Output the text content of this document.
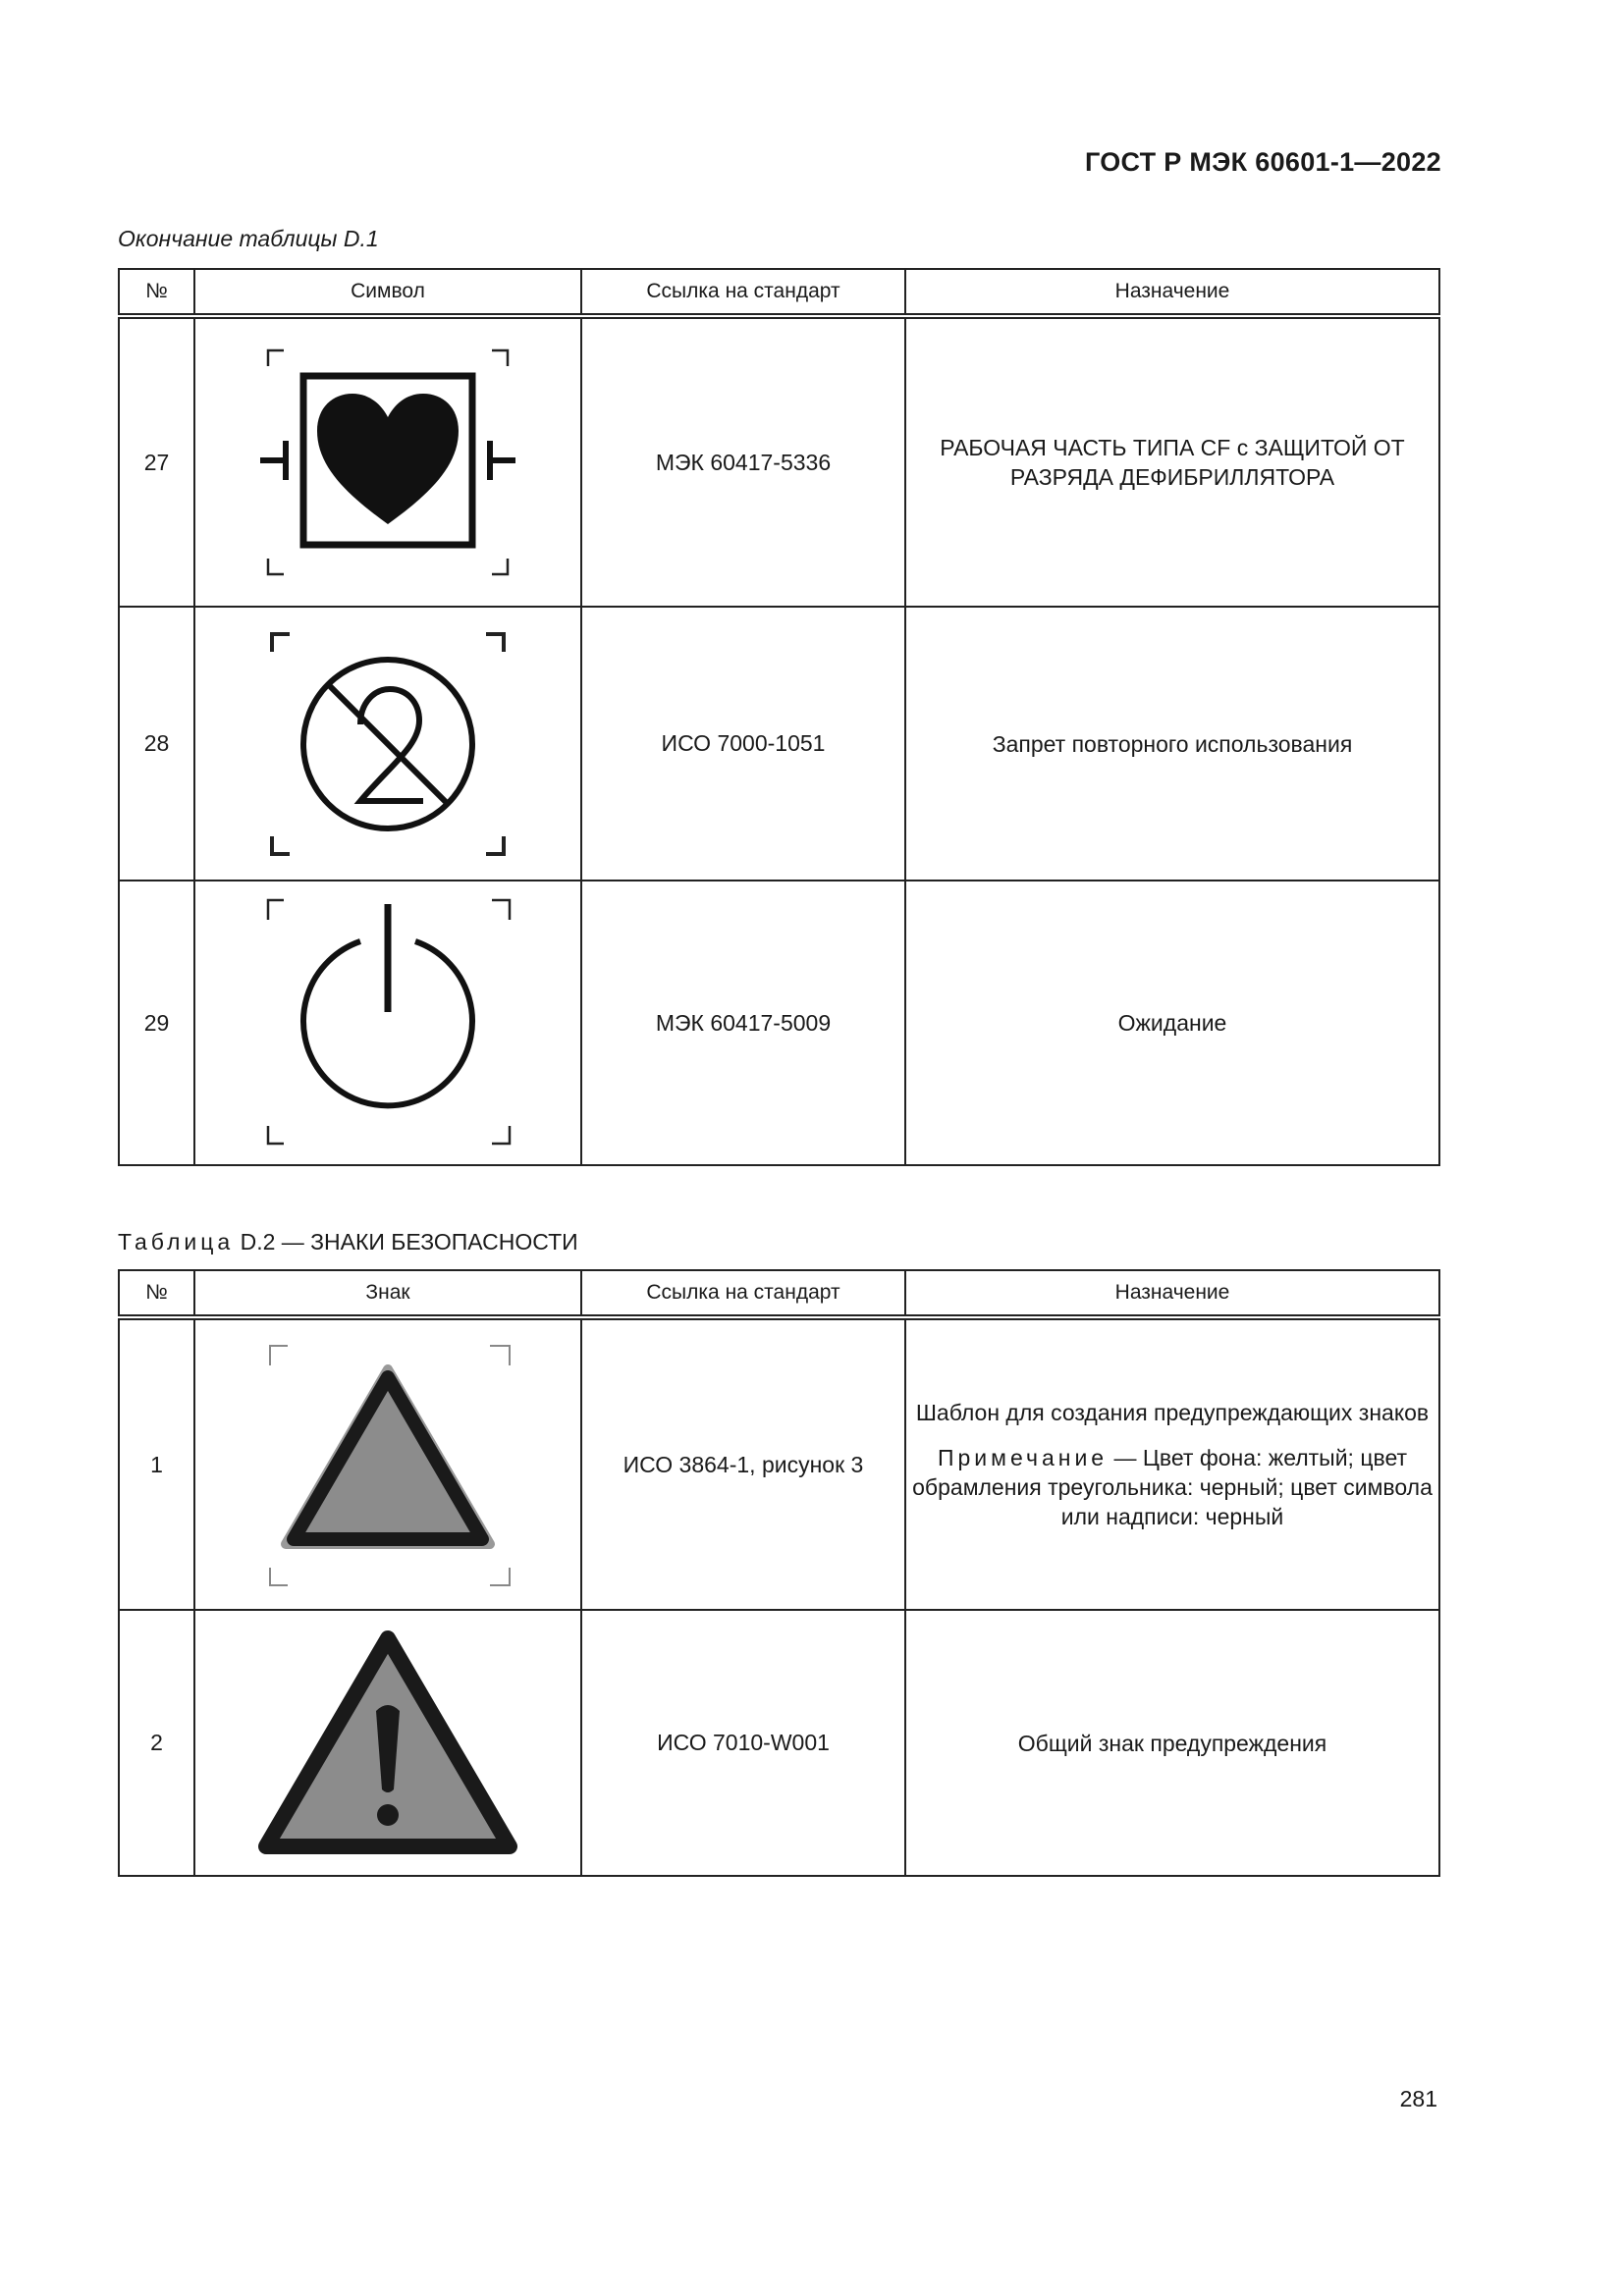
ГОСТ Р МЭК 60601-1—2022
Окончание таблицы D.1
№	Символ	Ссылка на стандарт	Назначение
27		МЭК 60417-5336	РАБОЧАЯ ЧАСТЬ ТИПА CF с ЗАЩИТОЙ ОТ РАЗРЯДА ДЕФИБРИЛЛЯТОРА
28		ИСО 7000-1051	Запрет повторного использования
29		МЭК 60417-5009	Ожидание
Таблица D.2 — ЗНАКИ БЕЗОПАСНОСТИ
№	Знак	Ссылка на стандарт	Назначение
1		ИСО 3864-1, рисунок 3	Шаблон для создания предупреждающих знаков

Примечание — Цвет фона: желтый; цвет обрамления треугольника: черный; цвет символа или надписи: черный

2		ИСО 7010-W001	Общий знак предупреждения
281
